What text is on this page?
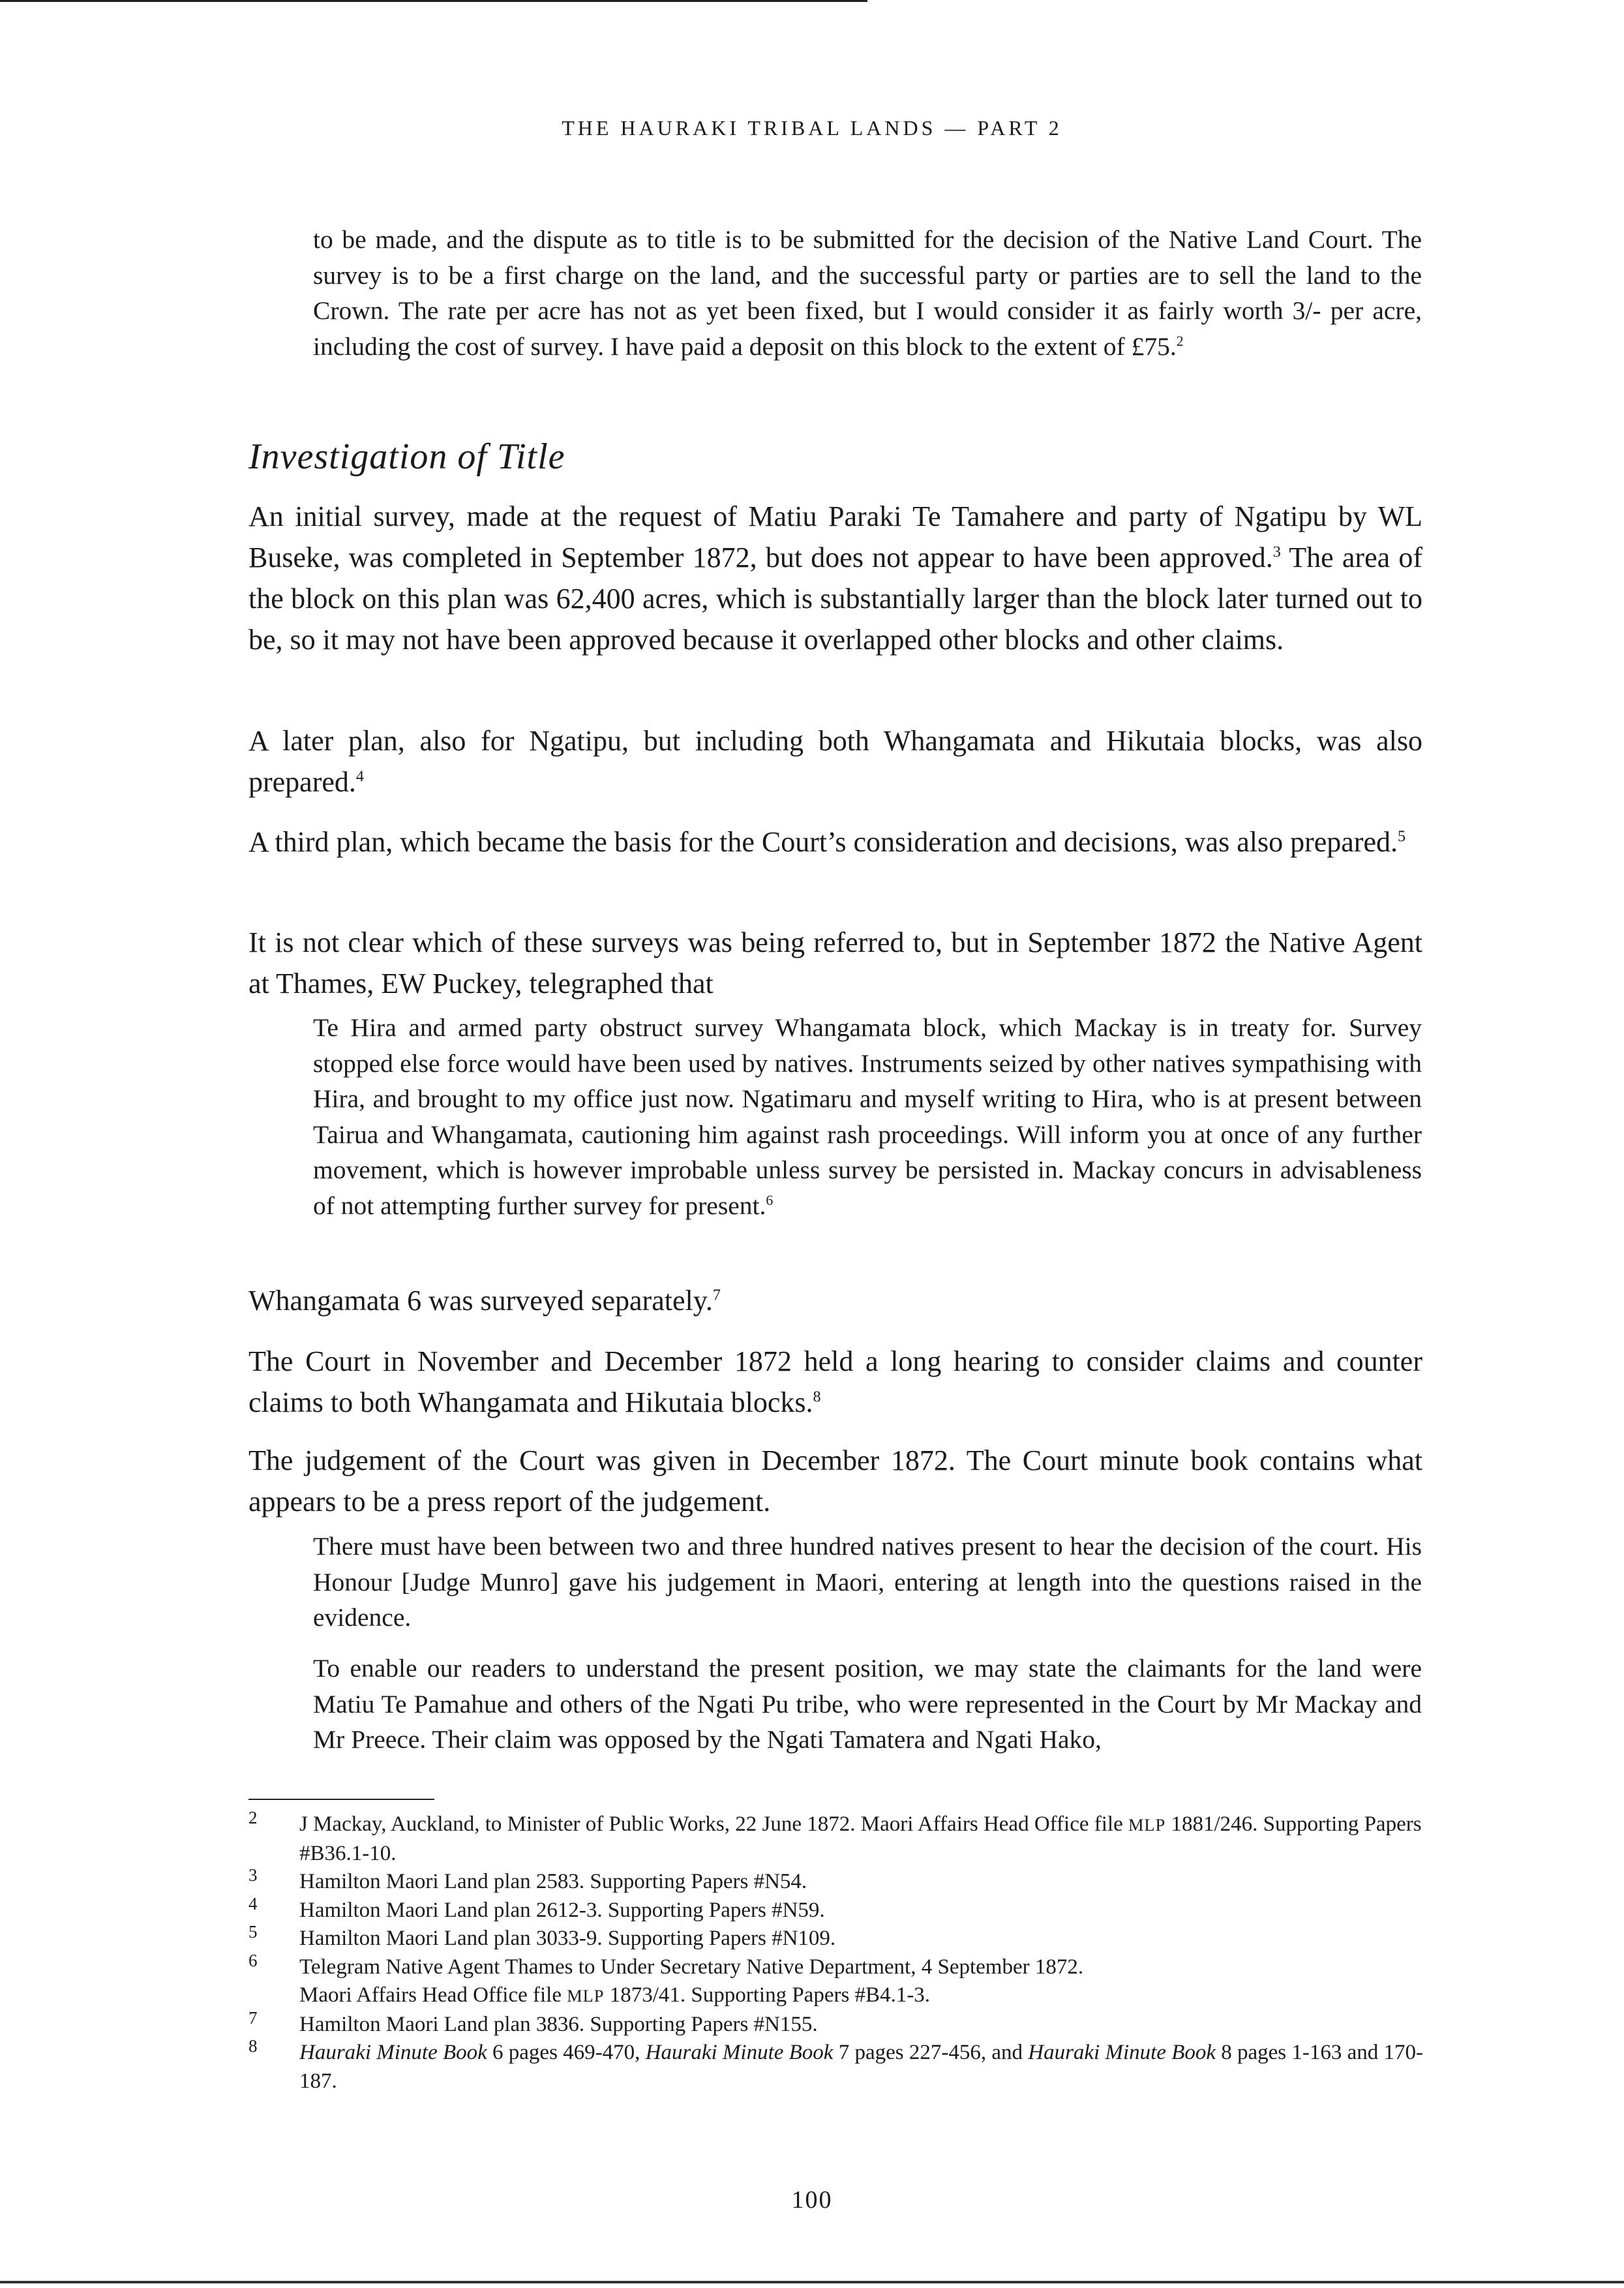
THE HAURAKI TRIBAL LANDS — PART 2

to be made, and the dispute as to title is to be submitted for the decision of the Native Land Court. The survey is to be a first charge on the land, and the successful party or parties are to sell the land to the Crown. The rate per acre has not as yet been fixed, but I would consider it as fairly worth 3/- per acre, including the cost of survey. I have paid a deposit on this block to the extent of £75.$^2$

Investigation of Title

An initial survey, made at the request of Matiu Paraki Te Tamahere and party of Ngatipu by WL Buseke, was completed in September 1872, but does not appear to have been approved.$^3$ The area of the block on this plan was 62,400 acres, which is substantially larger than the block later turned out to be, so it may not have been approved because it overlapped other blocks and other claims.

A later plan, also for Ngatipu, but including both Whangamata and Hikutaia blocks, was also prepared.$^4$

A third plan, which became the basis for the Court’s consideration and decisions, was also prepared.$^5$

It is not clear which of these surveys was being referred to, but in September 1872 the Native Agent at Thames, EW Puckey, telegraphed that

Te Hira and armed party obstruct survey Whangamata block, which Mackay is in treaty for. Survey stopped else force would have been used by natives. Instruments seized by other natives sympathising with Hira, and brought to my office just now. Ngatimaru and myself writing to Hira, who is at present between Tairua and Whangamata, cautioning him against rash proceedings. Will inform you at once of any further movement, which is however improbable unless survey be persisted in. Mackay concurs in advisableness of not attempting further survey for present.$^6$

Whangamata 6 was surveyed separately.$^7$

The Court in November and December 1872 held a long hearing to consider claims and counter claims to both Whangamata and Hikutaia blocks.$^8$

The judgement of the Court was given in December 1872. The Court minute book contains what appears to be a press report of the judgement.

There must have been between two and three hundred natives present to hear the decision of the court. His Honour [Judge Munro] gave his judgement in Maori, entering at length into the questions raised in the evidence.

To enable our readers to understand the present position, we may state the claimants for the land were Matiu Te Pamahue and others of the Ngati Pu tribe, who were represented in the Court by Mr Mackay and Mr Preece. Their claim was opposed by the Ngati Tamatera and Ngati Hako,

2 J Mackay, Auckland, to Minister of Public Works, 22 June 1872. Maori Affairs Head Office file MLP 1881/246. Supporting Papers #B36.1-10.
3 Hamilton Maori Land plan 2583. Supporting Papers #N54.
4 Hamilton Maori Land plan 2612-3. Supporting Papers #N59.
5 Hamilton Maori Land plan 3033-9. Supporting Papers #N109.
6 Telegram Native Agent Thames to Under Secretary Native Department, 4 September 1872.
Maori Affairs Head Office file MLP 1873/41. Supporting Papers #B4.1-3.
7 Hamilton Maori Land plan 3836. Supporting Papers #N155.
8 Hauraki Minute Book 6 pages 469-470, Hauraki Minute Book 7 pages 227-456, and Hauraki Minute Book 8 pages 1-163 and 170-187.
100
